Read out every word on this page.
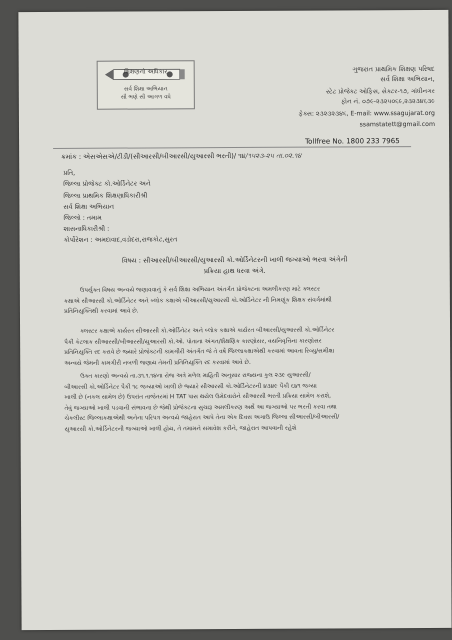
શિક્ષણનો અધિકાર
સર્વ શિક્ષા અભિયાન
સૌ ભણે સૌ આગળ વધે
ગુજરાત પ્રાથમિક શિક્ષણ પરિષદ
સર્વ શિક્ષા અભિયાન,
સ્ટેટ પ્રોજેક્ટ ઓફિસ, સેક્ટર-૧૭, ગાંધીનગર
ફોન નં. ૦૭૯-૨૩૨૫૦૬૯,૨૩૨૩૪૬૩૯
ફેક્સ: ૨૩૨૩૨૩૪૬, E-mail: www.ssagujarat.org
ssamstatett@gmail.com
Tollfree No. 1800 233 7965
ક્રમાંક : એસએસએ/ટીડી/(સીઆરસી/બીઆરસી/યુઆરસી ભરતી)/ ૧૪/૧૫૨૩-૨૫ તા.૦૨.૧૪
પ્રતિ,
જિલ્લા પ્રોજેક્ટ કો.ઓર્ડિનેટર અને
જિલ્લા પ્રાથમિક શિક્ષણાધિકારીશ્રી
સર્વ શિક્ષા અભિયાન
જિલ્લો : તમામ
શાસનાધિકારીશ્રી :
કોર્પોરેશન : અમદાવાદ,વડોદરા,રાજકોટ,સુરત
વિષય : સીઆરસી/બીઆરસી/યુઆરસી કો.ઓર્ડિનેટરની ખાલી જગ્યાઓ ભરવા અંગેની
પ્રક્રિયા હાથ ધરવા અંગે.
ઉપર્યુક્ત વિષય અન્વયે જણાવવાનું કે સર્વ શિક્ષા અભિયાન અંતર્ગત પ્રોજેક્ટના અમલીકરણ માટે ક્લસ્ટર
કક્ષાએ સીઆરસી કો.ઓર્ડિનેટર અને બ્લોક કક્ષાએ બીઆરસી/યુઆરસી કો.ઓર્ડિનેટર ની નિમણૂંક શિક્ષક સંવર્ગમાંથી
પ્રતિનિયુક્તિથી કરવામાં આવે છે.
ક્લસ્ટર કક્ષાએ કાર્યરત સીઆરસી કો.ઓર્ડિનેટર અને બ્લોક કક્ષાએ કાર્યરત બીઆરસી/યુઆરસી કો.ઓર્ડિનેટર
પૈકી કેટલાક સીઆરસી/બીઆરસી/યુઆરસી કો.ઓ. પોતાના અંગત/શૈક્ષણિક કારણોસર, વયનિવૃત્તિના કારણોસર
પ્રતિનિયુક્તિ રદ કરાવે છે જ્યારે પ્રોજેક્ટની કામગીરી અંતર્ગત જે તે વર્ષે જિલ્લાકક્ષાએથી કરવામાં આવતા રિવ્યુ/સમીક્ષા
અન્વયે જેમની કામગીરી નબળી જણાય તેમની પ્રતિનિયુક્તિ રદ કરવામાં આવે છે.
ઉક્ત કારણો અન્વયે તા.૩૧.૧.૧૪ના રોજ અત્રે મળેલ માહિતી અનુસાર રાજ્યના કુલ ૨૩૯ યુઆરસી/
બીઆરસી કો.ઓર્ડિનેટર પૈકી ૧૮ જગ્યાઓ ખાલી છે જ્યારે સીઆરસી કો.ઓર્ડિનેટરની ૪૩૪૯ પૈકી ૬૪૧ જગ્યા
ખાલી છે (નકલ સામેલ છે) ઉપરાંત તાજેતરમાં H TAT પાસ થયેલ ઉમેદવારોને સીઆરસી ભરતી પ્રક્રિયા સામેલ કરાશે,
તેવું જગ્યાઓ ખાલી પડવાની સંભાવના છે જેથી પ્રોજેક્ટના સુચારૂ અમલીકરણ અર્થે આ જગ્યાઓ પર ભરતી કરવા તથા
ચેકલીસ્ટ જિલ્લાકક્ષાએથી અનેના પરિપત્ર અન્વયે જાહેરાત આપે તેના એક દિવસ અગાઉ જિલ્લા સીઆરસી/બીઆરસી/
યુઆરસી કો.ઓર્ડિનેટરની જગ્યાઓ ખાલી હોય, તે તમામને સમાવેશ કરીને, જાહેરાત આપવાની રહેશે
